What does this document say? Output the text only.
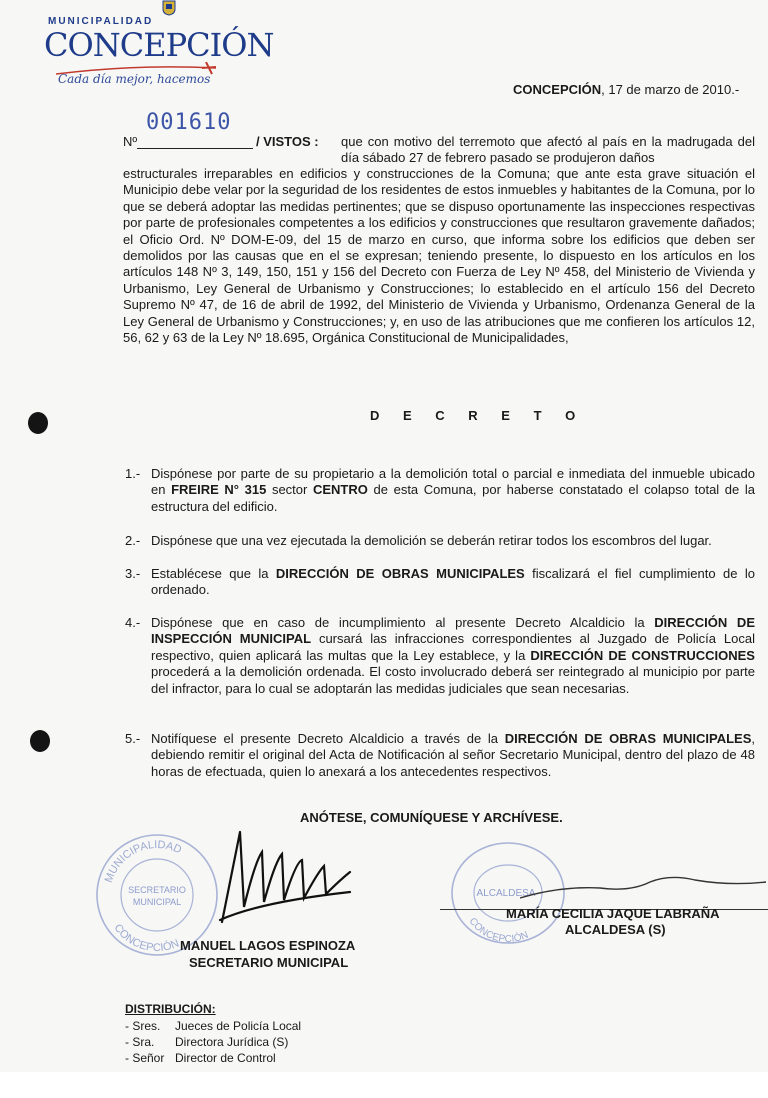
MUNICIPALIDAD
CONCEPCIÓN
Cada día mejor, hacemos
CONCEPCIÓN, 17 de marzo de 2010.-
001610
Nº	/ VISTOS : que con motivo del terremoto que afectó al país en la madrugada del día sábado 27 de febrero pasado se produjeron daños
estructurales irreparables en edificios y construcciones de la Comuna; que ante esta grave situación el Municipio debe velar por la seguridad de los residentes de estos inmuebles y habitantes de la Comuna, por lo que se deberá adoptar las medidas pertinentes; que se dispuso oportunamente las inspecciones respectivas por parte de profesionales competentes a los edificios y construcciones que resultaron gravemente dañados; el Oficio Ord. Nº DOM-E-09, del 15 de marzo en curso, que informa sobre los edificios que deben ser demolidos por las causas que en el se expresan; teniendo presente, lo dispuesto en los artículos en los artículos 148 Nº 3, 149, 150, 151 y 156 del Decreto con Fuerza de Ley Nº 458, del Ministerio de Vivienda y Urbanismo, Ley General de Urbanismo y Construcciones; lo establecido en el artículo 156 del Decreto Supremo Nº 47, de 16 de abril de 1992, del Ministerio de Vivienda y Urbanismo, Ordenanza General de la Ley General de Urbanismo y Construcciones; y, en uso de las atribuciones que me confieren los artículos 12, 56, 62 y 63 de la Ley Nº 18.695, Orgánica Constitucional de Municipalidades,
D E C R E T O
1.- Dispónese por parte de su propietario a la demolición total o parcial e inmediata del inmueble ubicado en FREIRE N° 315 sector CENTRO de esta Comuna, por haberse constatado el colapso total de la estructura del edificio.
2.- Dispónese que una vez ejecutada la demolición se deberán retirar todos los escombros del lugar.
3.- Establécese que la DIRECCIÓN DE OBRAS MUNICIPALES fiscalizará el fiel cumplimiento de lo ordenado.
4.- Dispónese que en caso de incumplimiento al presente Decreto Alcaldicio la DIRECCIÓN DE INSPECCIÓN MUNICIPAL cursará las infracciones correspondientes al Juzgado de Policía Local respectivo, quien aplicará las multas que la Ley establece, y la DIRECCIÓN DE CONSTRUCCIONES procederá a la demolición ordenada. El costo involucrado deberá ser reintegrado al municipio por parte del infractor, para lo cual se adoptarán las medidas judiciales que sean necesarias.
5.- Notifíquese el presente Decreto Alcaldicio a través de la DIRECCIÓN DE OBRAS MUNICIPALES, debiendo remitir el original del Acta de Notificación al señor Secretario Municipal, dentro del plazo de 48 horas de efectuada, quien lo anexará a los antecedentes respectivos.
ANÓTESE, COMUNÍQUESE Y ARCHÍVESE.
MUNICIPALIDAD
CONCEPCIÓN
SECRETARIO
MUNICIPAL
MANUEL LAGOS ESPINOZA
SECRETARIO MUNICIPAL
ALCALDESA
CONCEPCIÓN
MARÍA CECILIA JAQUE LABRAÑA
ALCALDESA (S)
DISTRIBUCIÓN:
- Sres. Jueces de Policía Local
- Sra. Directora Jurídica (S)
- Señor Director de Control
